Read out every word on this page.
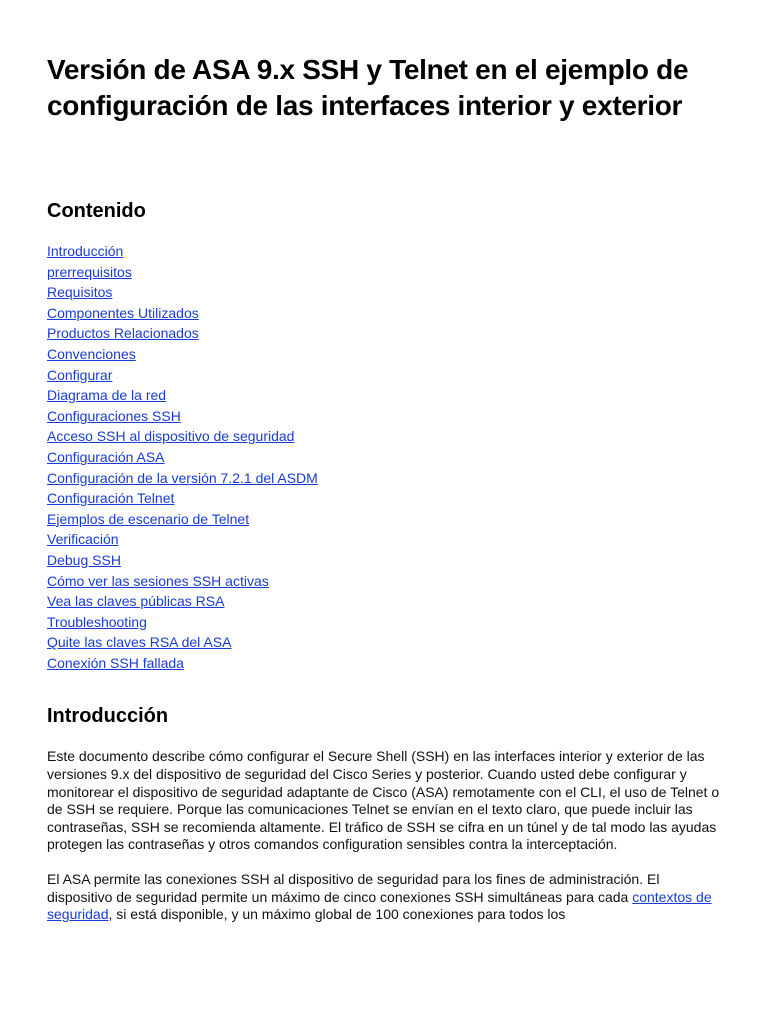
Versión de ASA 9.x SSH y Telnet en el ejemplo de configuración de las interfaces interior y exterior
Contenido
Introducción
prerrequisitos
Requisitos
Componentes Utilizados
Productos Relacionados
Convenciones
Configurar
Diagrama de la red
Configuraciones SSH
Acceso SSH al dispositivo de seguridad
Configuración ASA
Configuración de la versión 7.2.1 del ASDM
Configuración Telnet
Ejemplos de escenario de Telnet
Verificación
Debug SSH
Cómo ver las sesiones SSH activas
Vea las claves públicas RSA
Troubleshooting
Quite las claves RSA del ASA
Conexión SSH fallada
Introducción

Este documento describe cómo configurar el Secure Shell (SSH) en las interfaces interior y exterior de las versiones 9.x del dispositivo de seguridad del Cisco Series y posterior. Cuando usted debe configurar y monitorear el dispositivo de seguridad adaptante de Cisco (ASA) remotamente con el CLI, el uso de Telnet o de SSH se requiere. Porque las comunicaciones Telnet se envían en el texto claro, que puede incluir las contraseñas, SSH se recomienda altamente. El tráfico de SSH se cifra en un túnel y de tal modo las ayudas protegen las contraseñas y otros comandos configuration sensibles contra la interceptación.

El ASA permite las conexiones SSH al dispositivo de seguridad para los fines de administración. El dispositivo de seguridad permite un máximo de cinco conexiones SSH simultáneas para cada contextos de seguridad, si está disponible, y un máximo global de 100 conexiones para todos los
